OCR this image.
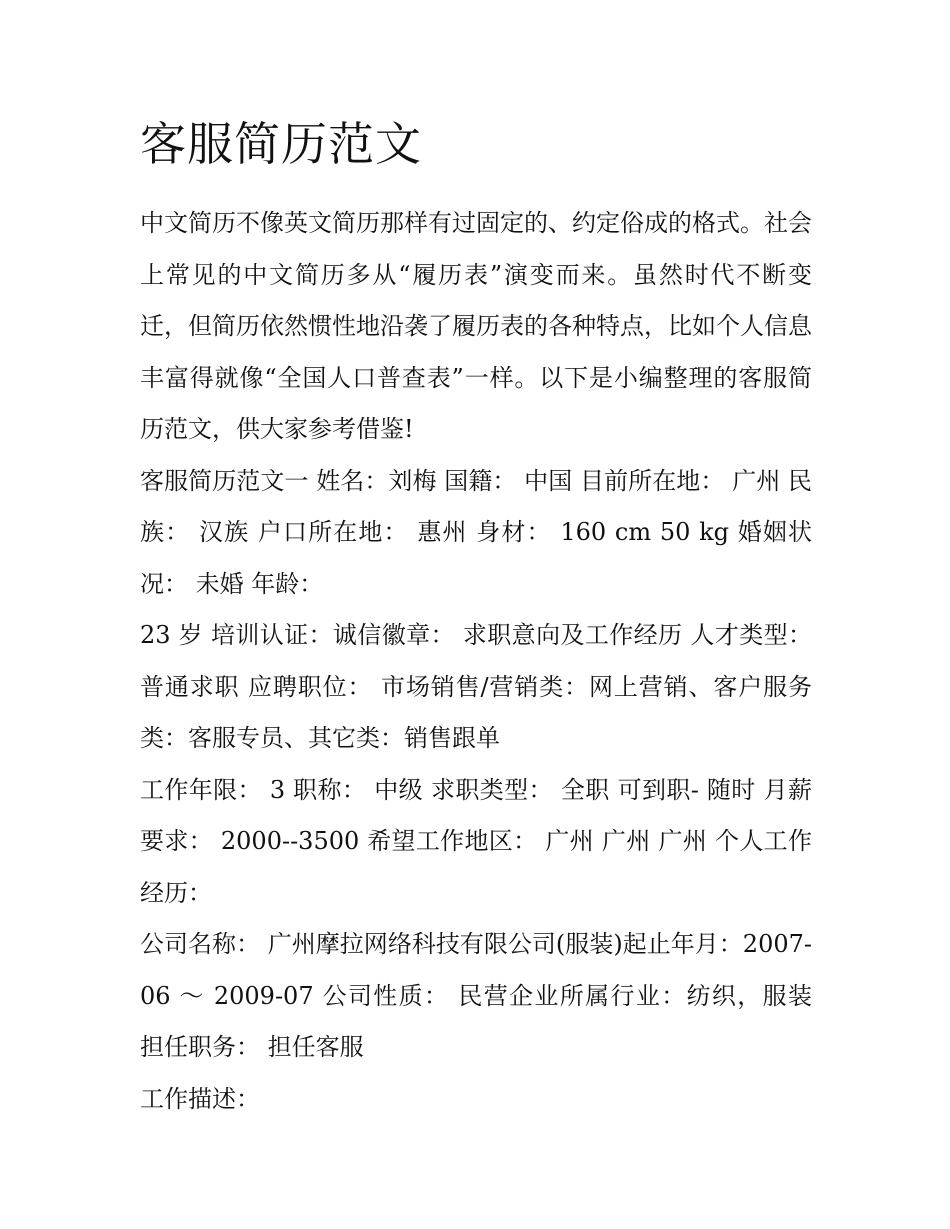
客服简历范文

中文简历不像英文简历那样有过固定的、约定俗成的格式。社会上常见的中文简历多从“履历表”演变而来。虽然时代不断变迁，但简历依然惯性地沿袭了履历表的各种特点，比如个人信息丰富得就像“全国人口普查表”一样。以下是小编整理的客服简历范文，供大家参考借鉴!

客服简历范文一 姓名：刘梅 国籍： 中国 目前所在地： 广州 民族： 汉族 户口所在地： 惠州 身材： 160 cm 50 kg 婚姻状况： 未婚 年龄：

23 岁 培训认证：诚信徽章： 求职意向及工作经历 人才类型：普通求职 应聘职位： 市场销售/营销类：网上营销、客户服务类：客服专员、其它类：销售跟单

工作年限： 3 职称： 中级 求职类型： 全职 可到职- 随时 月薪要求： 2000--3500 希望工作地区： 广州 广州 广州 个人工作经历：

公司名称： 广州摩拉网络科技有限公司(服装)起止年月：2007-06 ～ 2009-07 公司性质： 民营企业所属行业：纺织，服装 担任职务： 担任客服

工作描述：
